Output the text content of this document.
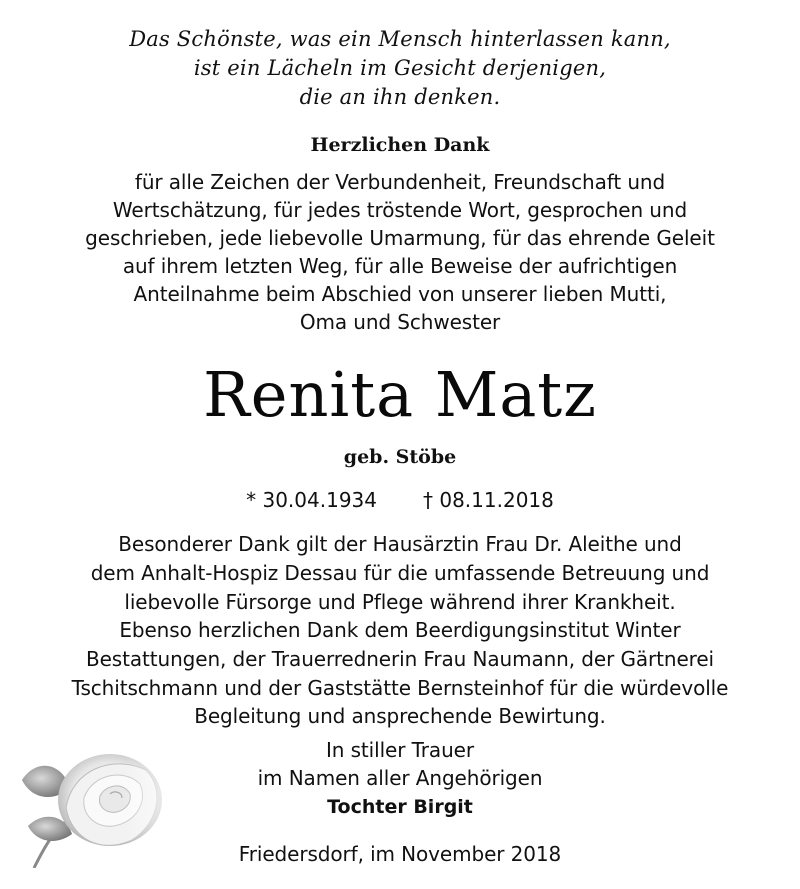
Das Schönste, was ein Mensch hinterlassen kann,
ist ein Lächeln im Gesicht derjenigen,
die an ihn denken.
Herzlichen Dank
für alle Zeichen der Verbundenheit, Freundschaft und
Wertschätzung, für jedes tröstende Wort, gesprochen und
geschrieben, jede liebevolle Umarmung, für das ehrende Geleit
auf ihrem letzten Weg, für alle Beweise der aufrichtigen
Anteilnahme beim Abschied von unserer lieben Mutti,
Oma und Schwester
Renita Matz
geb. Stöbe
* 30.04.1934 † 08.11.2018
Besonderer Dank gilt der Hausärztin Frau Dr. Aleithe und
dem Anhalt-Hospiz Dessau für die umfassende Betreuung und
liebevolle Fürsorge und Pflege während ihrer Krankheit.
Ebenso herzlichen Dank dem Beerdigungsinstitut Winter
Bestattungen, der Trauerrednerin Frau Naumann, der Gärtnerei
Tschitschmann und der Gaststätte Bernsteinhof für die würdevolle
Begleitung und ansprechende Bewirtung.
In stiller Trauer
im Namen aller Angehörigen
Tochter Birgit
Friedersdorf, im November 2018
